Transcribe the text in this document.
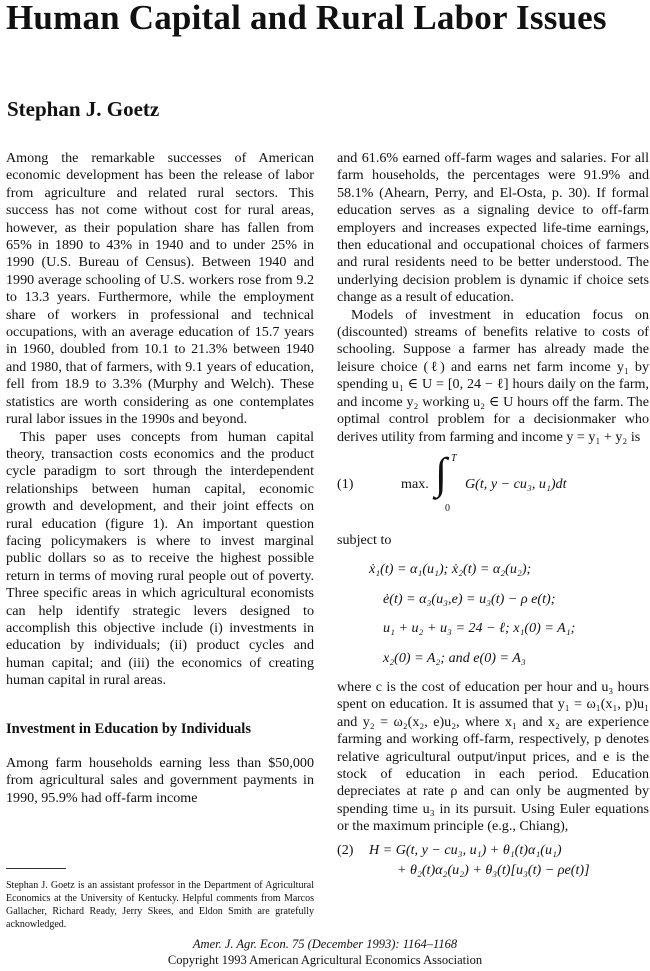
Human Capital and Rural Labor Issues
Stephan J. Goetz

Among the remarkable successes of American economic development has been the release of labor from agriculture and related rural sectors. This success has not come without cost for rural areas, however, as their population share has fallen from 65% in 1890 to 43% in 1940 and to under 25% in 1990 (U.S. Bureau of Census). Between 1940 and 1990 average schooling of U.S. workers rose from 9.2 to 13.3 years. Furthermore, while the employment share of workers in professional and technical occupations, with an average education of 15.7 years in 1960, doubled from 10.1 to 21.3% between 1940 and 1980, that of farmers, with 9.1 years of education, fell from 18.9 to 3.3% (Murphy and Welch). These statistics are worth considering as one contemplates rural labor issues in the 1990s and beyond.

This paper uses concepts from human capital theory, transaction costs economics and the product cycle paradigm to sort through the interdependent relationships between human capital, economic growth and development, and their joint effects on rural education (figure 1). An important question facing policymakers is where to invest marginal public dollars so as to receive the highest possible return in terms of moving rural people out of poverty. Three specific areas in which agricultural economists can help identify strategic levers designed to accomplish this objective include (i) investments in education by individuals; (ii) product cycles and human capital; and (iii) the economics of creating human capital in rural areas.

Investment in Education by Individuals

Among farm households earning less than $50,000 from agricultural sales and government payments in 1990, 95.9% had off-farm income

and 61.6% earned off-farm wages and salaries. For all farm households, the percentages were 91.9% and 58.1% (Ahearn, Perry, and El-Osta, p. 30). If formal education serves as a signaling device to off-farm employers and increases expected life-time earnings, then educational and occupational choices of farmers and rural residents need to be better understood. The underlying decision problem is dynamic if choice sets change as a result of education.

Models of investment in education focus on (discounted) streams of benefits relative to costs of schooling. Suppose a farmer has already made the leisure choice (ℓ) and earns net farm income y₁ by spending u₁ ∈ U = [0, 24 − ℓ] hours daily on the farm, and income y₂ working u₂ ∈ U hours off the farm. The optimal control problem for a decisionmaker who derives utility from farming and income y = y₁ + y₂ is

(1)	max. ∫ T
0
G(t, y − cu₃, u₁)dt

subject to

ẋ₁(t) = α₁(u₁); ẋ₂(t) = α₂(u₂);

ė(t) = α₃(u₃,e) = u₃(t) − ρ e(t);

u₁ + u₂ + u₃ = 24 − ℓ; x₁(0) = A₁;

x₂(0) = A₂; and e(0) = A₃

where c is the cost of education per hour and u₃ hours spent on education. It is assumed that y₁ = ω₁(x₁, p)u₁ and y₂ = ω₂(x₂, e)u₂, where x₁ and x₂ are experience farming and working off-farm, respectively, p denotes relative agricultural output/input prices, and e is the stock of education in each period. Education depreciates at rate ρ and can only be augmented by spending time u₃ in its pursuit. Using Euler equations or the maximum principle (e.g., Chiang),

(2) H = G(t, y − cu₃, u₁) + θ₁(t)α₁(u₁)
+ θ₂(t)α₂(u₂) + θ₃(t)[u₃(t) − ρe(t)]
Stephan J. Goetz is an assistant professor in the Department of Agricultural Economics at the University of Kentucky. Helpful comments from Marcos Gallacher, Richard Ready, Jerry Skees, and Eldon Smith are gratefully acknowledged.
Amer. J. Agr. Econ. 75 (December 1993): 1164–1168
Copyright 1993 American Agricultural Economics Association
